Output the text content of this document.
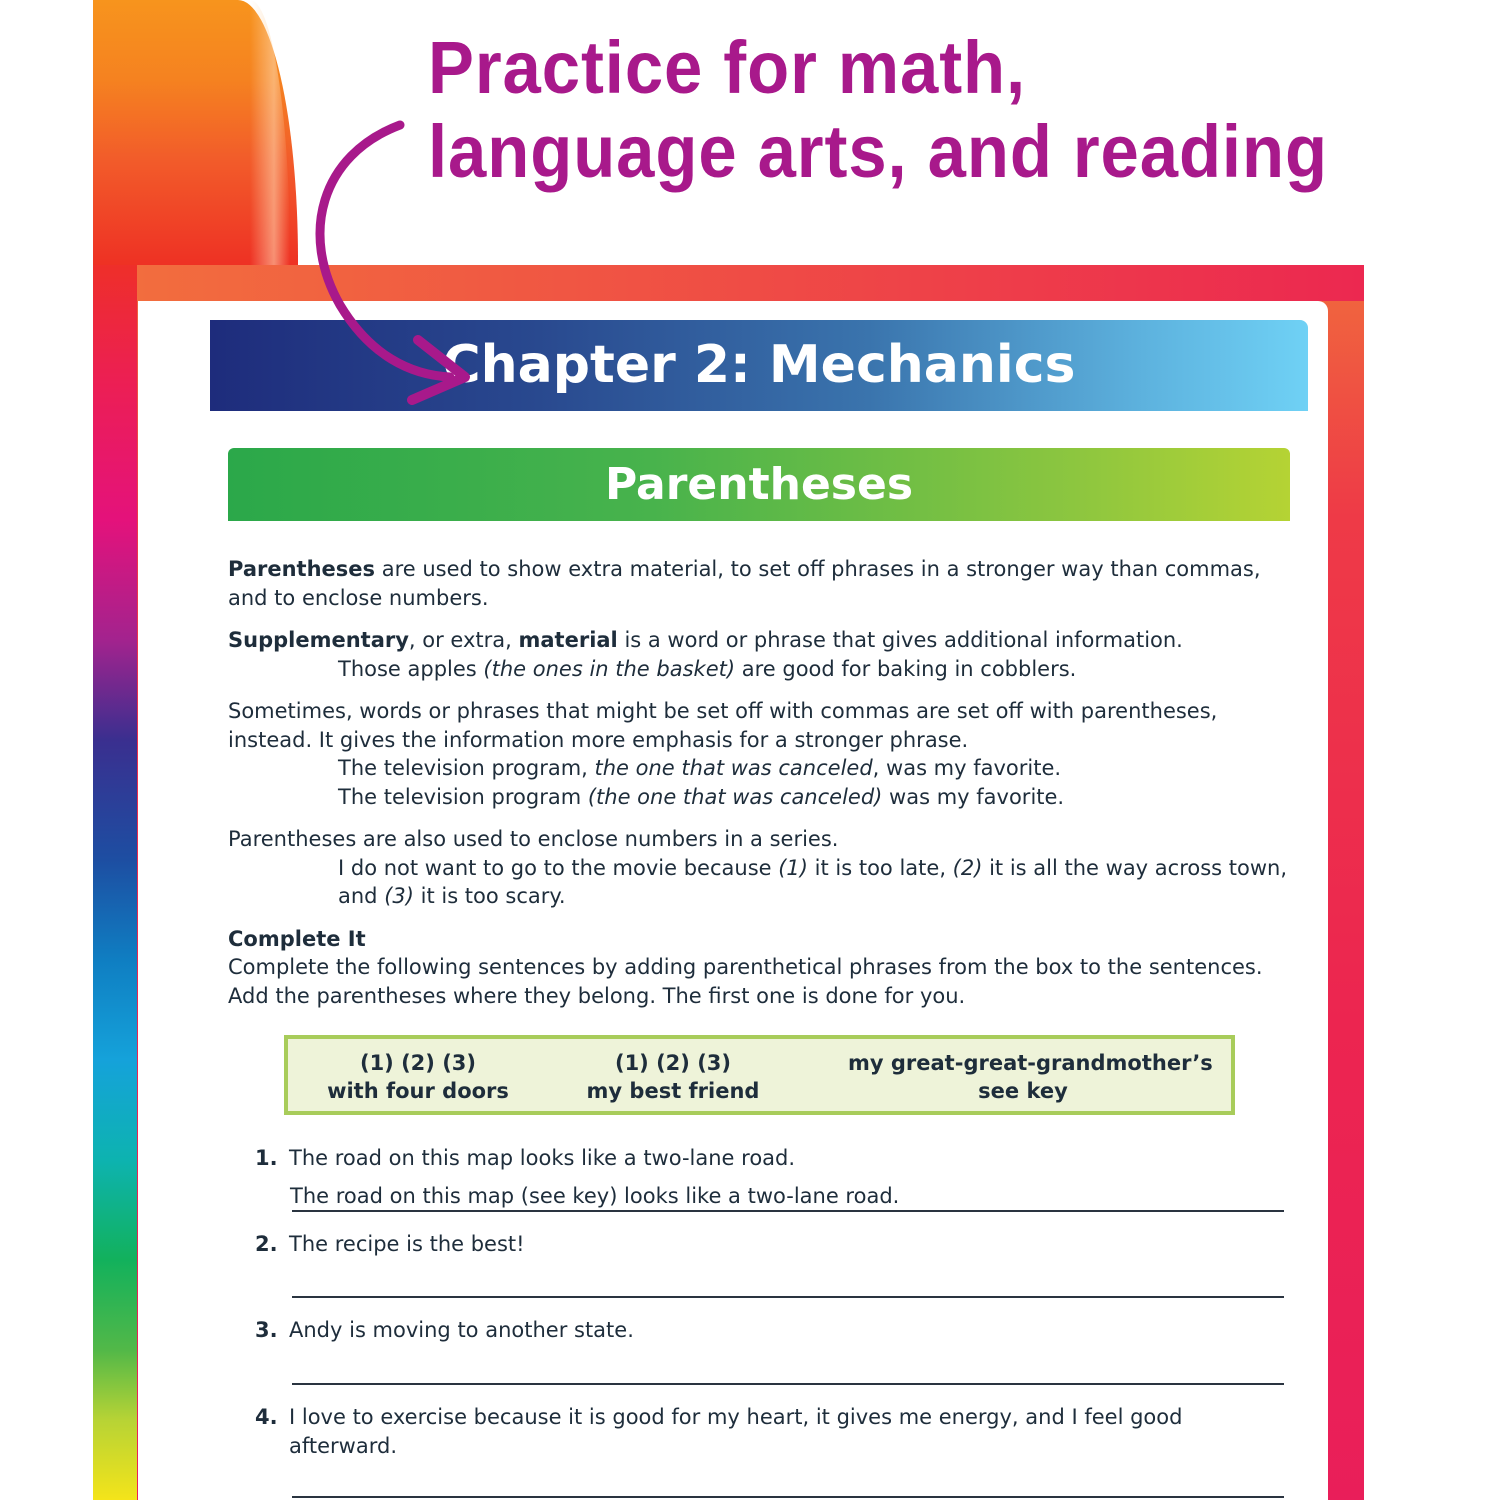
Practice for math,
language arts, and reading
Chapter 2: Mechanics
Parentheses

Parentheses are used to show extra material, to set off phrases in a stronger way than commas, and to enclose numbers.

Supplementary, or extra, material is a word or phrase that gives additional information.

Those apples (the ones in the basket) are good for baking in cobblers.

Sometimes, words or phrases that might be set off with commas are set off with parentheses, instead. It gives the information more emphasis for a stronger phrase.

The television program, the one that was canceled, was my favorite.

The television program (the one that was canceled) was my favorite.

Parentheses are also used to enclose numbers in a series.

I do not want to go to the movie because (1) it is too late, (2) it is all the way across town, and (3) it is too scary.

Complete It

Complete the following sentences by adding parenthetical phrases from the box to the sentences. Add the parentheses where they belong. The first one is done for you.

(1) (2) (3)
with four doors
(1) (2) (3)
my best friend
my great-great-grandmother’s
see key
1. The road on this map looks like a two-lane road.
The road on this map (see key) looks like a two-lane road.
2. The recipe is the best!
3. Andy is moving to another state.
4. I love to exercise because it is good for my heart, it gives me energy, and I feel good afterward.
